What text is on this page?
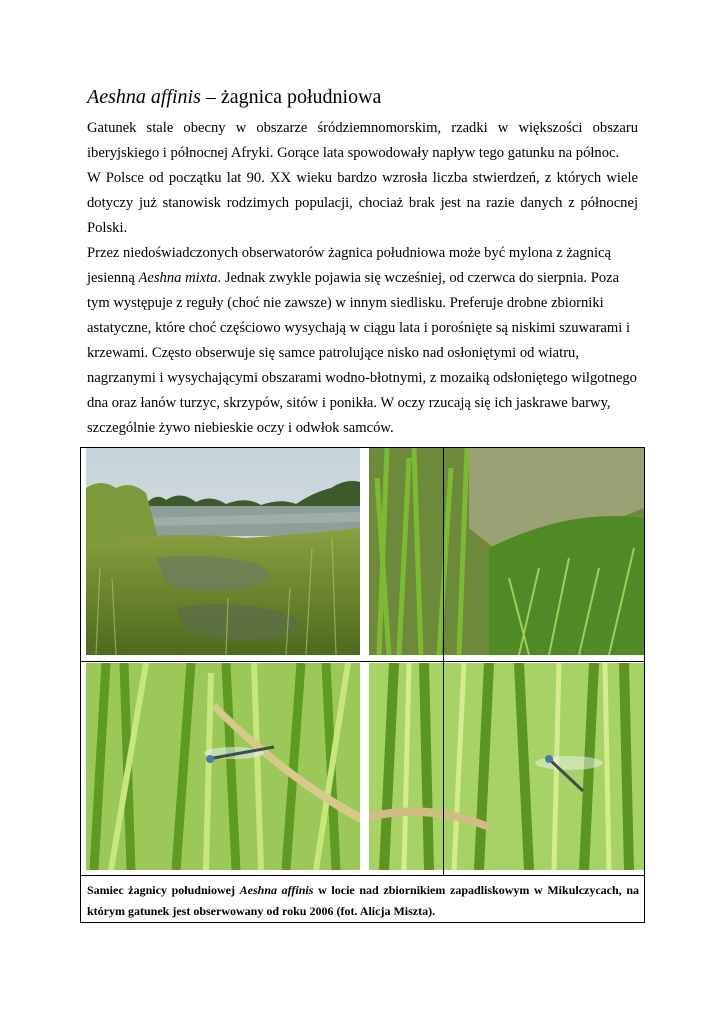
Aeshna affinis – żagnica południowa

Gatunek stale obecny w obszarze śródziemnomorskim, rzadki w większości obszaru iberyjskiego i północnej Afryki. Gorące lata spowodowały napływ tego gatunku na północ.

W Polsce od początku lat 90. XX wieku bardzo wzrosła liczba stwierdzeń, z których wiele dotyczy już stanowisk rodzimych populacji, chociaż brak jest na razie danych z północnej Polski.

Przez niedoświadczonych obserwatorów żagnica południowa może być mylona z żagnicą jesienną Aeshna mixta. Jednak zwykle pojawia się wcześniej, od czerwca do sierpnia. Poza tym występuje z reguły (choć nie zawsze) w innym siedlisku. Preferuje drobne zbiorniki astatyczne, które choć częściowo wysychają w ciągu lata i porośnięte są niskimi szuwarami i krzewami. Często obserwuje się samce patrolujące nisko nad osłoniętymi od wiatru, nagrzanymi i wysychającymi obszarami wodno-błotnymi, z mozaiką odsłoniętego wilgotnego dna oraz łanów turzyc, skrzypów, sitów i ponikła. W oczy rzucają się ich jaskrawe barwy, szczególnie żywo niebieskie oczy i odwłok samców.

Samiec żagnicy południowej Aeshna affinis w locie nad zbiornikiem zapadliskowym w Mikulczycach, na którym gatunek jest obserwowany od roku 2006 (fot. Alicja Miszta).
